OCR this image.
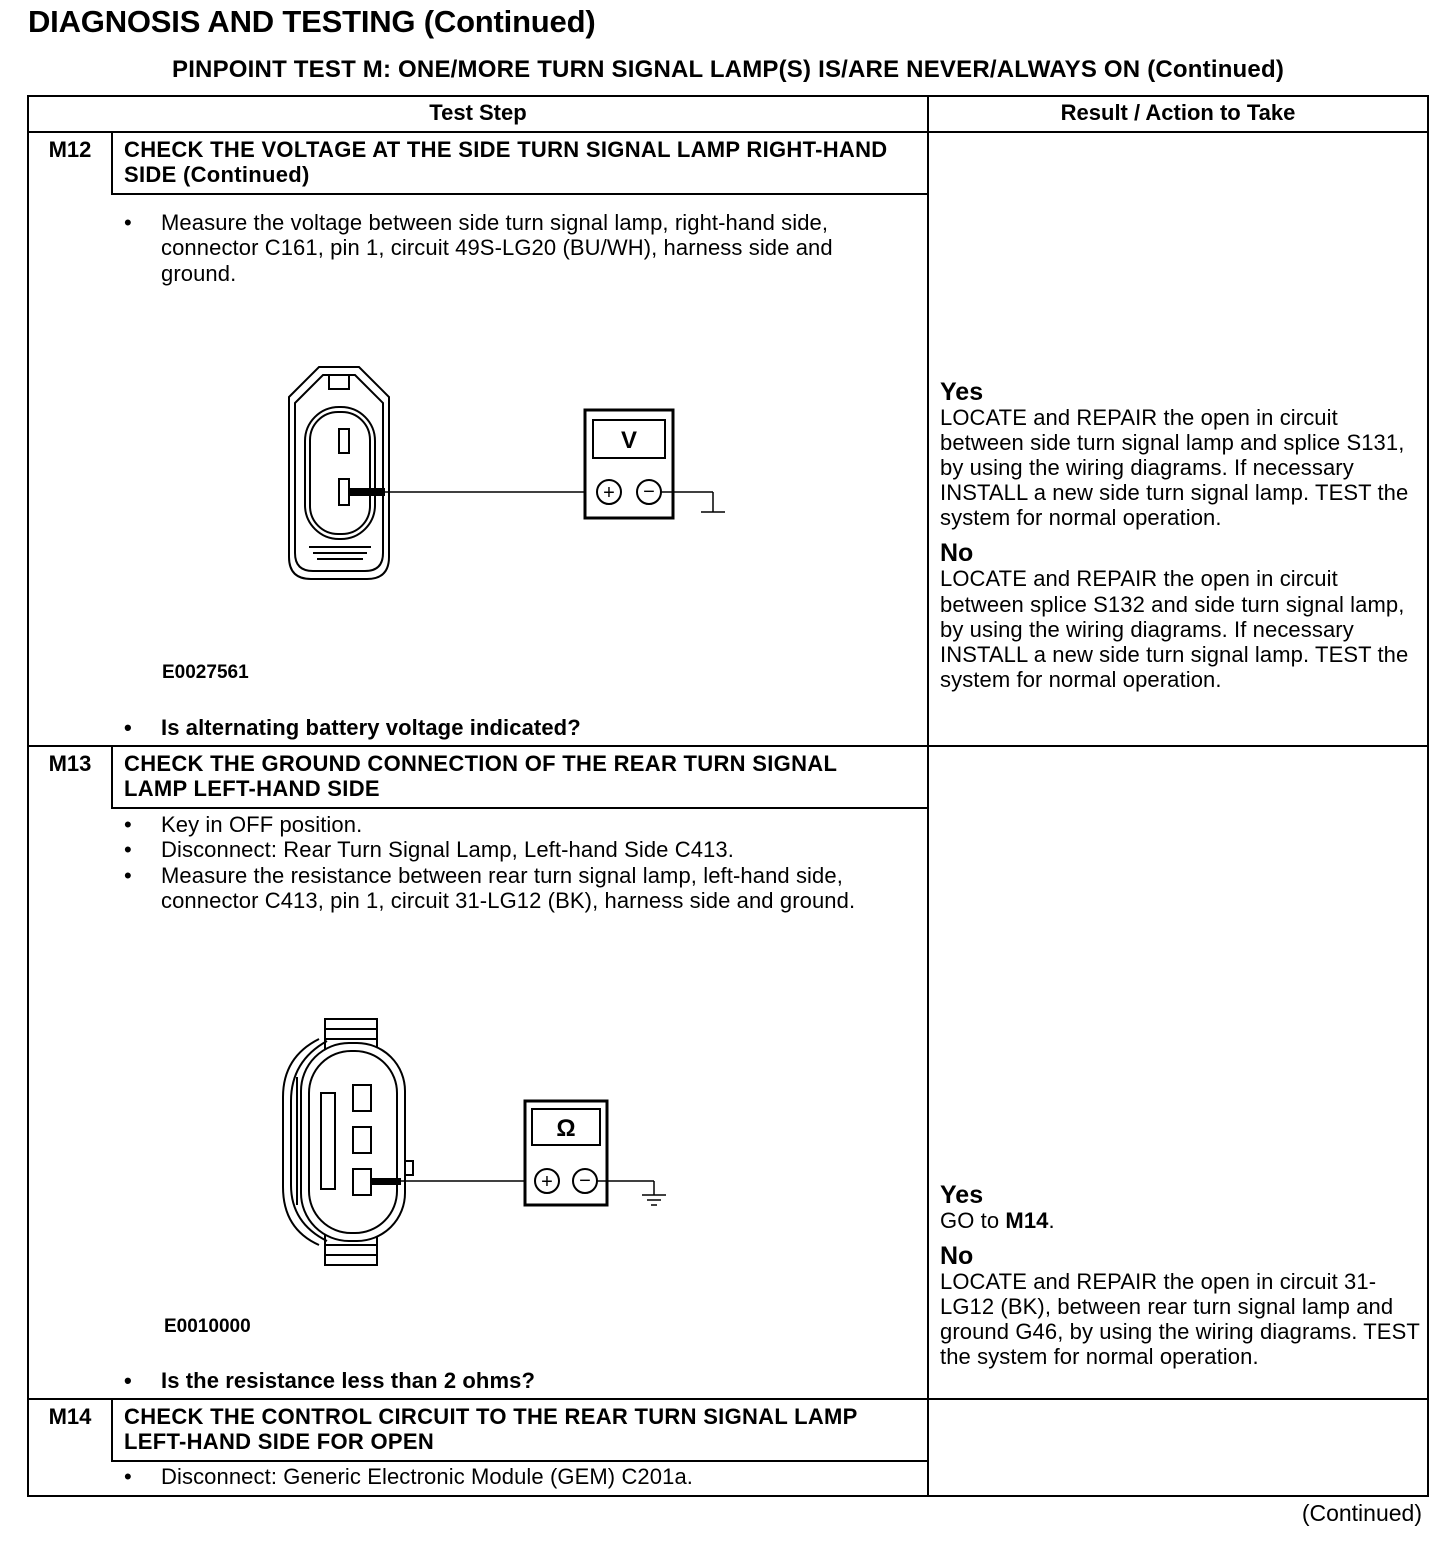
DIAGNOSIS AND TESTING (Continued)
PINPOINT TEST M: ONE/MORE TURN SIGNAL LAMP(S) IS/ARE NEVER/ALWAYS ON (Continued)
Test Step	Result / Action to Take
M12	CHECK THE VOLTAGE AT THE SIDE TURN SIGNAL LAMP RIGHT-HAND SIDE (Continued)
• Measure the voltage between side turn signal lamp, right-hand side, connector C161, pin 1, circuit 49S-LG20 (BU/WH), harness side and ground.
V
+ −
E0027561
• Is alternating battery voltage indicated?
Yes
LOCATE and REPAIR the open in circuit between side turn signal lamp and splice S131, by using the wiring diagrams. If necessary INSTALL a new side turn signal lamp. TEST the system for normal operation.
No
LOCATE and REPAIR the open in circuit between splice S132 and side turn signal lamp, by using the wiring diagrams. If necessary INSTALL a new side turn signal lamp. TEST the system for normal operation.
M13	CHECK THE GROUND CONNECTION OF THE REAR TURN SIGNAL LAMP LEFT-HAND SIDE
• Key in OFF position.
• Disconnect: Rear Turn Signal Lamp, Left-hand Side C413.
• Measure the resistance between rear turn signal lamp, left-hand side, connector C413, pin 1, circuit 31-LG12 (BK), harness side and ground.
Ω
+ −
E0010000
• Is the resistance less than 2 ohms?
Yes
GO to M14.
No
LOCATE and REPAIR the open in circuit 31-LG12 (BK), between rear turn signal lamp and ground G46, by using the wiring diagrams. TEST the system for normal operation.
M14	CHECK THE CONTROL CIRCUIT TO THE REAR TURN SIGNAL LAMP LEFT-HAND SIDE FOR OPEN
• Disconnect: Generic Electronic Module (GEM) C201a.
(Continued)
